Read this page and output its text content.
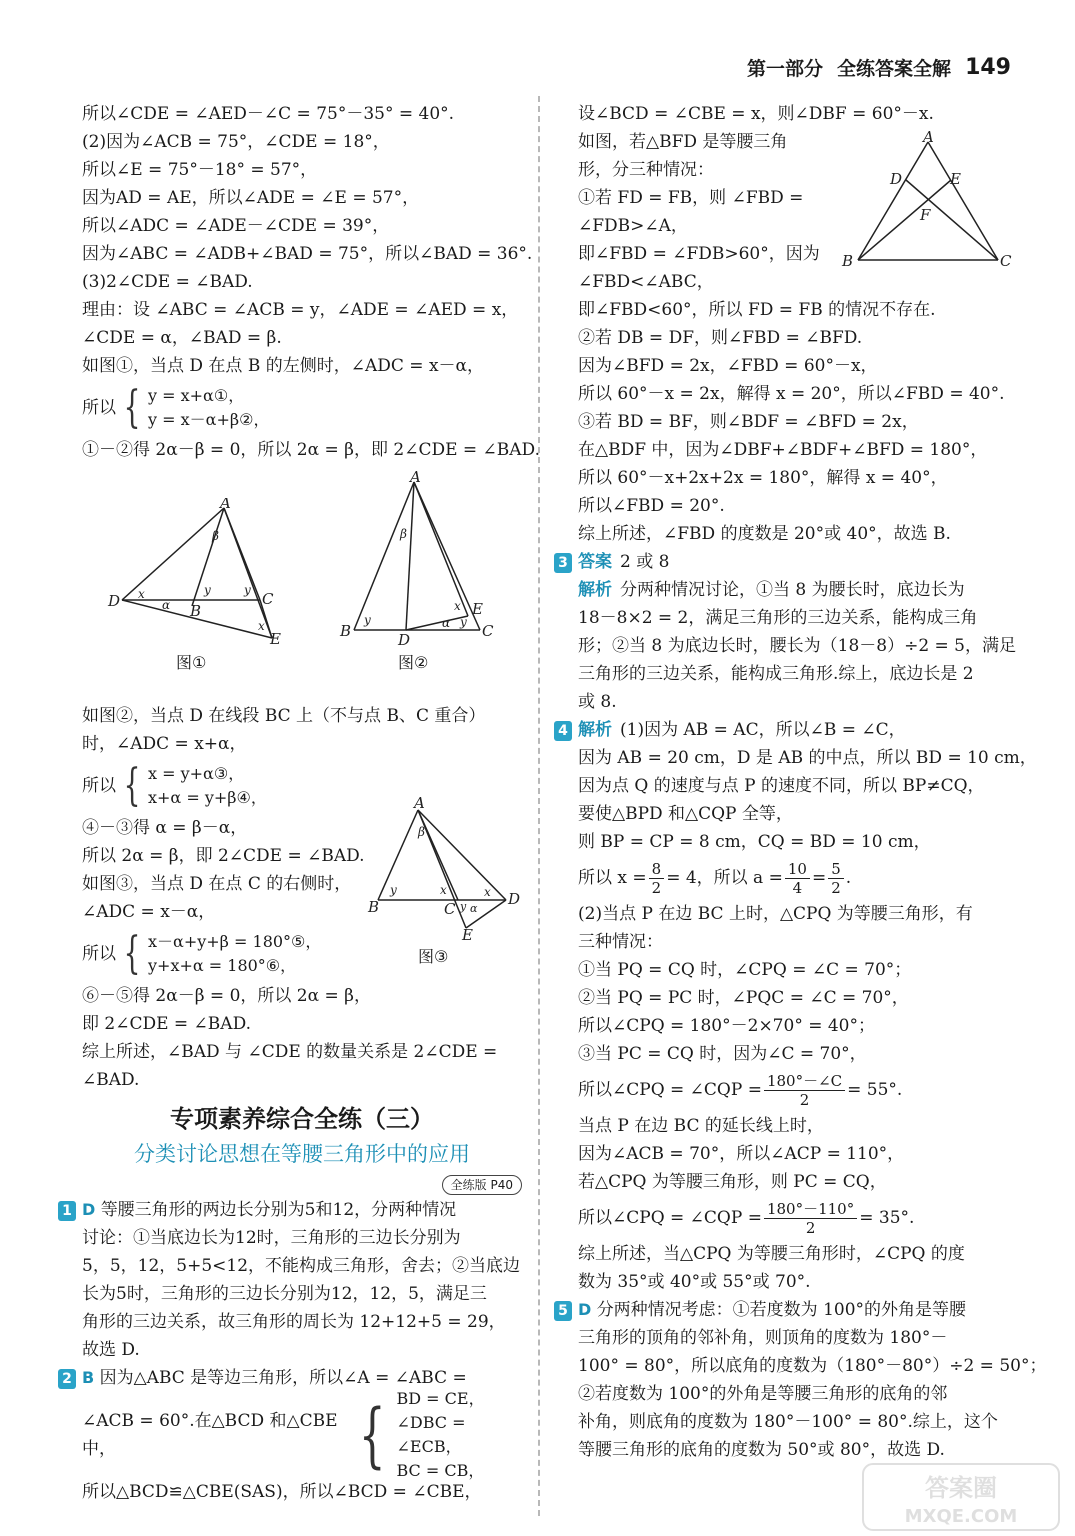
第一部分 全练答案全解 149
所以∠CDE = ∠AED－∠C = 75°－35° = 40°.
(2)因为∠ACB = 75°，∠CDE = 18°，
所以∠E = 75°－18° = 57°，
因为AD = AE，所以∠ADE = ∠E = 57°，
所以∠ADC = ∠ADE－∠CDE = 39°，
因为∠ABC = ∠ADB+∠BAD = 75°，所以∠BAD = 36°.
(3)2∠CDE = ∠BAD.
理由：设 ∠ABC = ∠ACB = y，∠ADE = ∠AED = x，
∠CDE = α，∠BAD = β.
如图①，当点 D 在点 B 的左侧时，∠ADC = x－α，
所以 { y = x+α①，
y = x－α+β②，
①－②得 2α－β = 0，所以 2α = β，即 2∠CDE = ∠BAD.
如图②，当点 D 在线段 BC 上（不与点 B、C 重合）
时，∠ADC = x+α，
所以 { x = y+α③，
x+α = y+β④，
④－③得 α = β－α，
所以 2α = β，即 2∠CDE = ∠BAD.
如图③，当点 D 在点 C 的右侧时，
∠ADC = x－α，
所以 { x－α+y+β = 180°⑤，
y+x+α = 180°⑥，
⑥－⑤得 2α－β = 0，所以 2α = β，
即 2∠CDE = ∠BAD.
综上所述，∠BAD 与 ∠CDE 的数量关系是 2∠CDE =
∠BAD.
专项素养综合全练（三）
分类讨论思想在等腰三角形中的应用
全练版 P40
1 D 等腰三角形的两边长分别为5和12，分两种情况
讨论：①当底边长为12时，三角形的三边长分别为
5，5，12，5+5<12，不能构成三角形，舍去；②当底边
长为5时，三角形的三边长分别为12，12，5，满足三
角形的三边关系，故三角形的周长为 12+12+5 = 29，
故选 D.
2 B 因为△ABC 是等边三角形，所以∠A = ∠ABC =
∠ACB = 60°.在△BCD 和△CBE 中，	{ BD = CE，
∠DBC = ∠ECB，
BC = CB，
所以△BCD≌△CBE(SAS)，所以∠BCD = ∠CBE，
A
D
B
C
E
β
x
α
y	y
x
图①
A
B	C
D
E
β
y
x
α y
图②
A
B	C
D
E
β
y	x	x
y α
图③
设∠BCD = ∠CBE = x，则∠DBF = 60°－x.
如图，若△BFD 是等腰三角
形，分三种情况：
①若 FD = FB，则 ∠FBD =
∠FDB>∠A，
即∠FBD = ∠FDB>60°，因为
∠FBD<∠ABC，
即∠FBD<60°，所以 FD = FB 的情况不存在.
②若 DB = DF，则∠FBD = ∠BFD.
因为∠BFD = 2x，∠FBD = 60°－x，
所以 60°－x = 2x，解得 x = 20°，所以∠FBD = 40°.
③若 BD = BF，则∠BDF = ∠BFD = 2x，
在△BDF 中，因为∠DBF+∠BDF+∠BFD = 180°，
所以 60°－x+2x+2x = 180°，解得 x = 40°，
所以∠FBD = 20°.
综上所述，∠FBD 的度数是 20°或 40°，故选 B.
3 答案 2 或 8
解析 分两种情况讨论，①当 8 为腰长时，底边长为
18－8×2 = 2，满足三角形的三边关系，能构成三角
形；②当 8 为底边长时，腰长为（18－8）÷2 = 5，满足
三角形的三边关系，能构成三角形.综上，底边长是 2
或 8.
4 解析 (1)因为 AB = AC，所以∠B = ∠C，
因为 AB = 20 cm，D 是 AB 的中点，所以 BD = 10 cm，
因为点 Q 的速度与点 P 的速度不同，所以 BP≠CQ，
要使△BPD 和△CQP 全等，
则 BP = CP = 8 cm，CQ = BD = 10 cm，
所以 $x = \frac{8}{2} = 4$，所以 $a = \frac{10}{4} = \frac{5}{2}$ .
(2)当点 P 在边 BC 上时，△CPQ 为等腰三角形，有
三种情况：
①当 PQ = CQ 时，∠CPQ = ∠C = 70°；
②当 PQ = PC 时，∠PQC = ∠C = 70°，
所以∠CPQ = 180°－2×70° = 40°；
③当 PC = CQ 时，因为∠C = 70°，
所以∠CPQ = ∠CQP = $\frac{180^\circ-\angle C}{2} = 55^\circ$.
当点 P 在边 BC 的延长线上时，
因为∠ACB = 70°，所以∠ACP = 110°，
若△CPQ 为等腰三角形，则 PC = CQ，
所以∠CPQ = ∠CQP = $\frac{180^\circ-110^\circ}{2} = 35^\circ$.
综上所述，当△CPQ 为等腰三角形时，∠CPQ 的度
数为 35°或 40°或 55°或 70°.
5 D 分两种情况考虑：①若度数为 100°的外角是等腰
三角形的顶角的邻补角，则顶角的度数为 180°－
100° = 80°，所以底角的度数为（180°－80°）÷2 = 50°；
②若度数为 100°的外角是等腰三角形的底角的邻
补角，则底角的度数为 180°－100° = 80°.综上，这个
等腰三角形的底角的度数为 50°或 80°，故选 D.
A
D	E
F
B	C
答案圈
MXQE.COM
